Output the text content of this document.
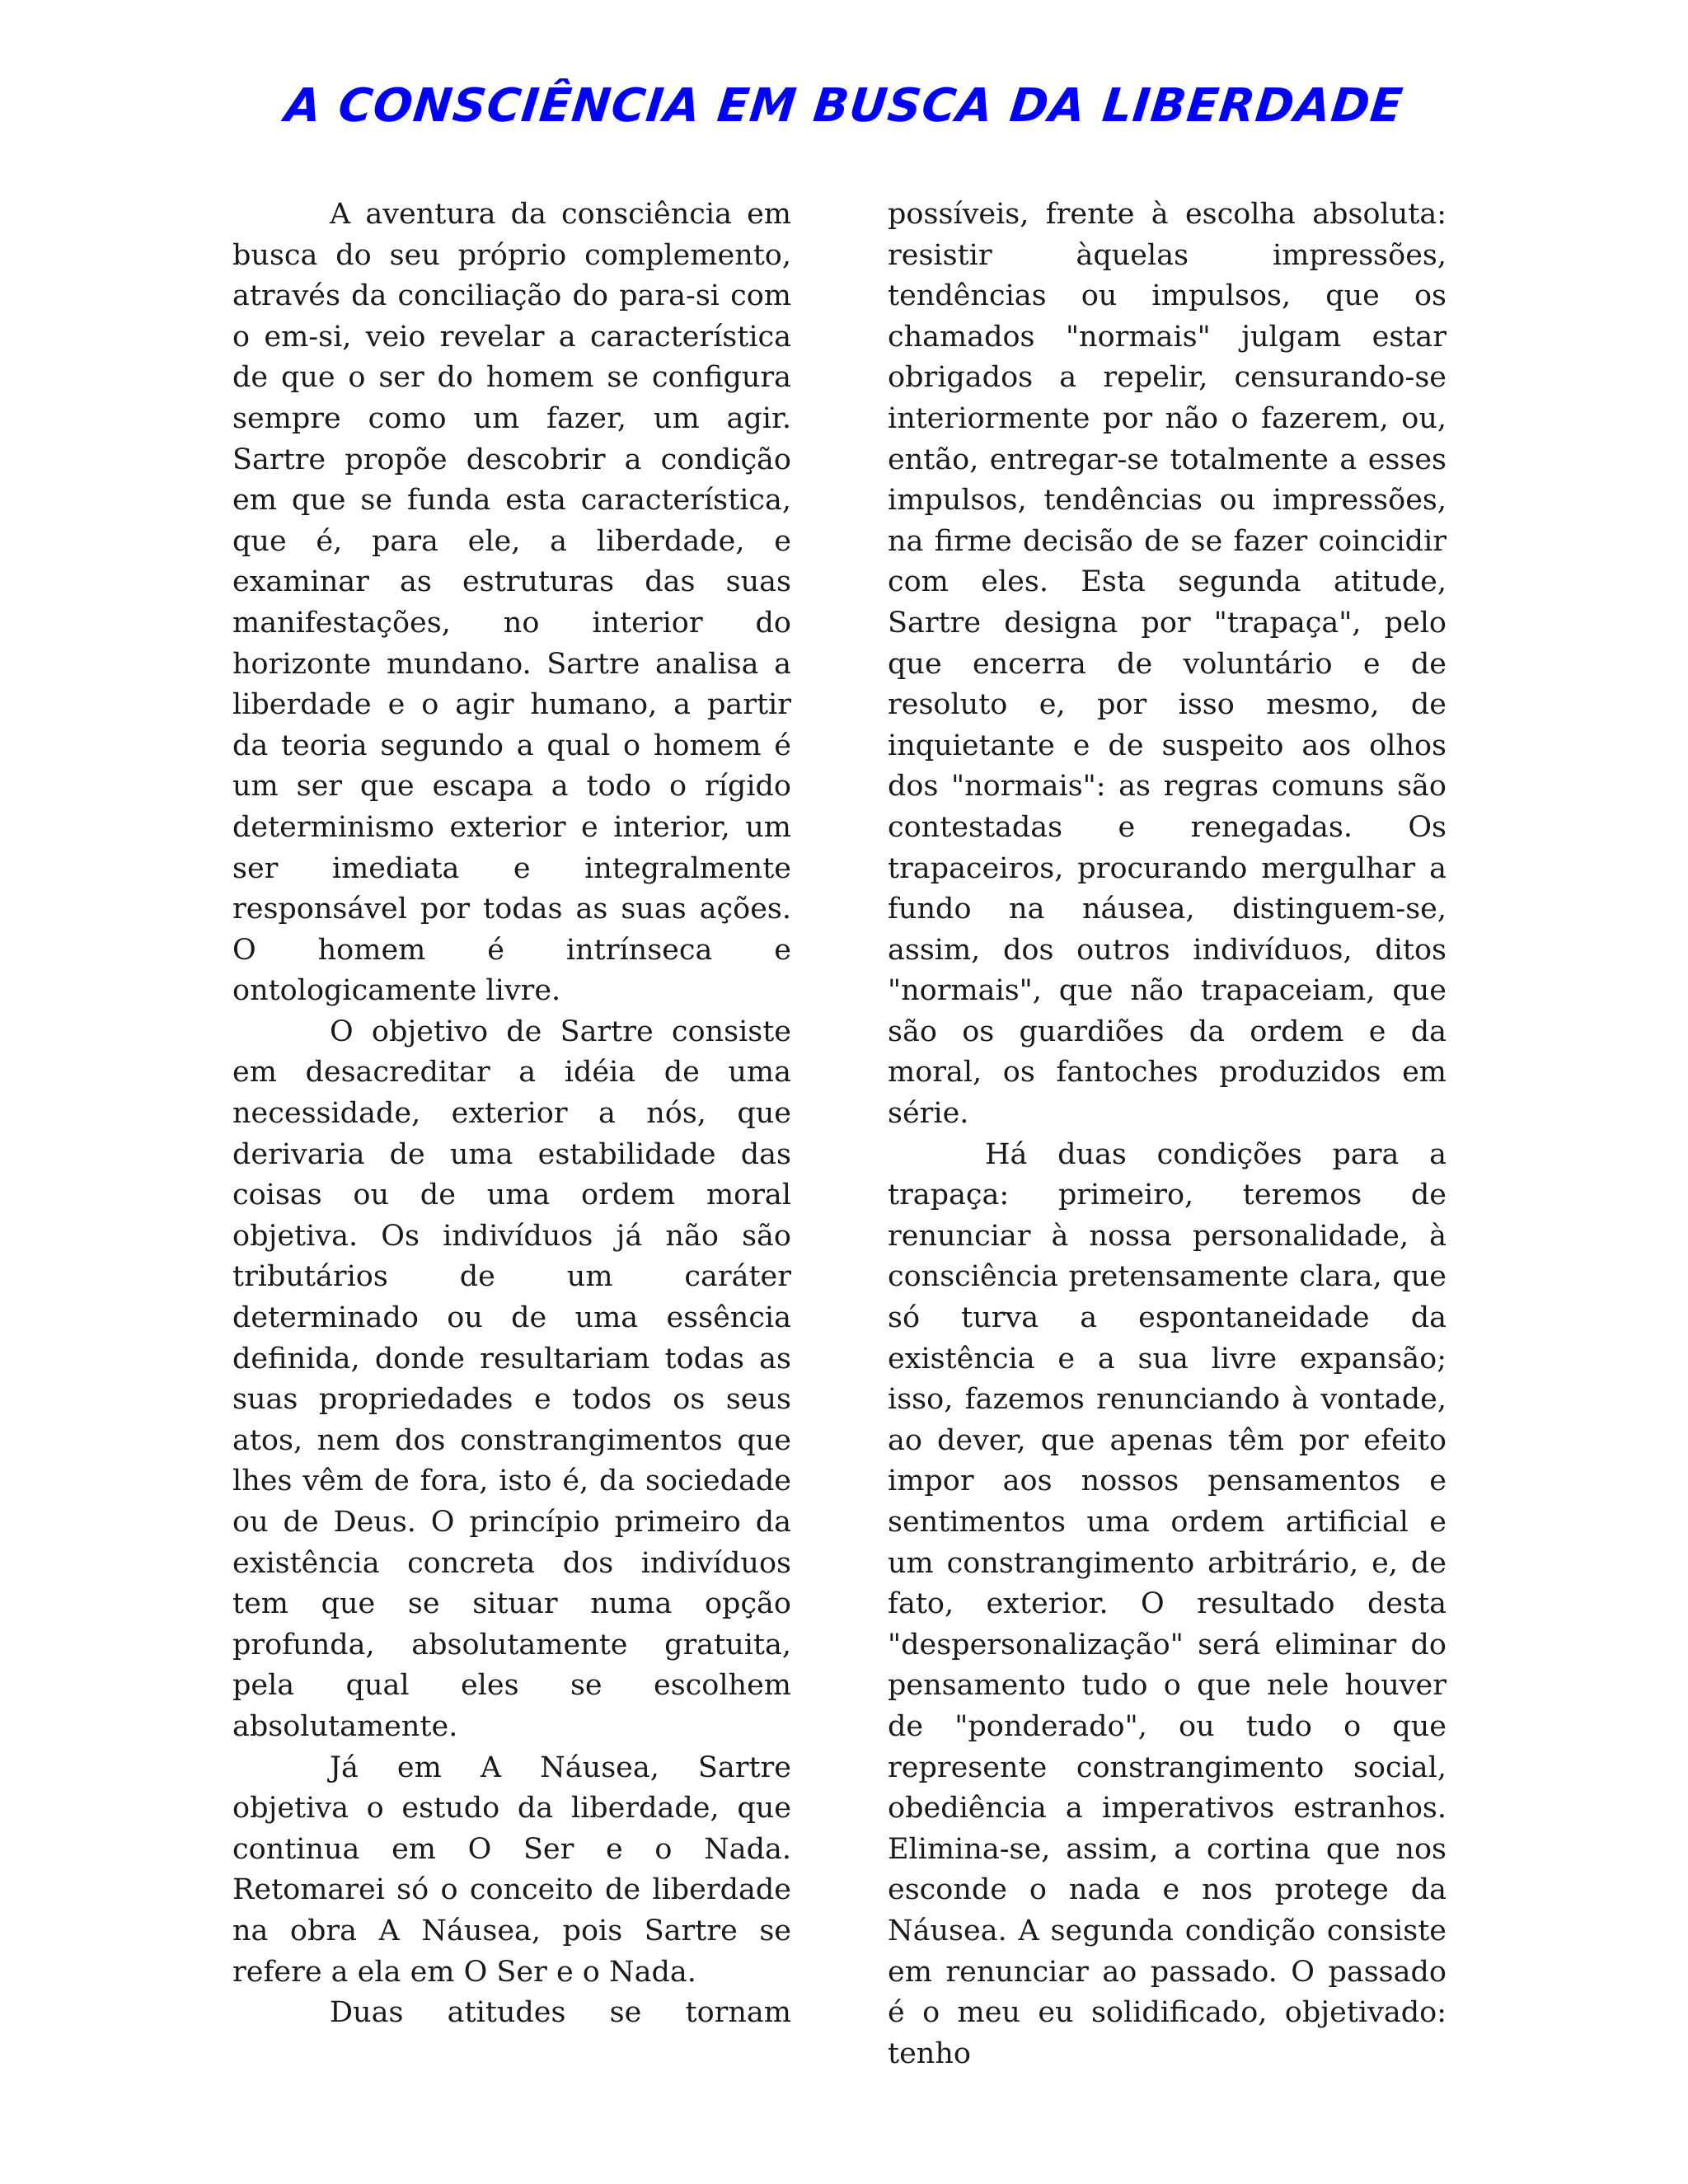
A CONSCIÊNCIA EM BUSCA DA LIBERDADE

A aventura da consciência em busca do seu próprio complemento, através da conciliação do para-si com o em-si, veio revelar a característica de que o ser do homem se configura sempre como um fazer, um agir. Sartre propõe descobrir a condição em que se funda esta característica, que é, para ele, a liberdade, e examinar as estruturas das suas manifestações, no interior do horizonte mundano. Sartre analisa a liberdade e o agir humano, a partir da teoria segundo a qual o homem é um ser que escapa a todo o rígido determinismo exterior e interior, um ser imediata e integralmente responsável por todas as suas ações. O homem é intrínseca e ontologicamente livre.

O objetivo de Sartre consiste em desacreditar a idéia de uma necessidade, exterior a nós, que derivaria de uma estabilidade das coisas ou de uma ordem moral objetiva. Os indivíduos já não são tributários de um caráter determinado ou de uma essência definida, donde resultariam todas as suas propriedades e todos os seus atos, nem dos constrangimentos que lhes vêm de fora, isto é, da sociedade ou de Deus. O princípio primeiro da existência concreta dos indivíduos tem que se situar numa opção profunda, absolutamente gratuita, pela qual eles se escolhem absolutamente.

Já em A Náusea, Sartre objetiva o estudo da liberdade, que continua em O Ser e o Nada. Retomarei só o conceito de liberdade na obra A Náusea, pois Sartre se refere a ela em O Ser e o Nada.

Duas atitudes se tornam

possíveis, frente à escolha absoluta: resistir àquelas impressões, tendências ou impulsos, que os chamados "normais" julgam estar obrigados a repelir, censurando-se interiormente por não o fazerem, ou, então, entregar-se totalmente a esses impulsos, tendências ou impressões, na firme decisão de se fazer coincidir com eles. Esta segunda atitude, Sartre designa por "trapaça", pelo que encerra de voluntário e de resoluto e, por isso mesmo, de inquietante e de suspeito aos olhos dos "normais": as regras comuns são contestadas e renegadas. Os trapaceiros, procurando mergulhar a fundo na náusea, distinguem-se, assim, dos outros indivíduos, ditos "normais", que não trapaceiam, que são os guardiões da ordem e da moral, os fantoches produzidos em série.

Há duas condições para a trapaça: primeiro, teremos de renunciar à nossa personalidade, à consciência pretensamente clara, que só turva a espontaneidade da existência e a sua livre expansão; isso, fazemos renunciando à vontade, ao dever, que apenas têm por efeito impor aos nossos pensamentos e sentimentos uma ordem artificial e um constrangimento arbitrário, e, de fato, exterior. O resultado desta "despersonalização" será eliminar do pensamento tudo o que nele houver de "ponderado", ou tudo o que represente constrangimento social, obediência a imperativos estranhos. Elimina-se, assim, a cortina que nos esconde o nada e nos protege da Náusea. A segunda condição consiste em renunciar ao passado. O passado é o meu eu solidificado, objetivado: tenho
